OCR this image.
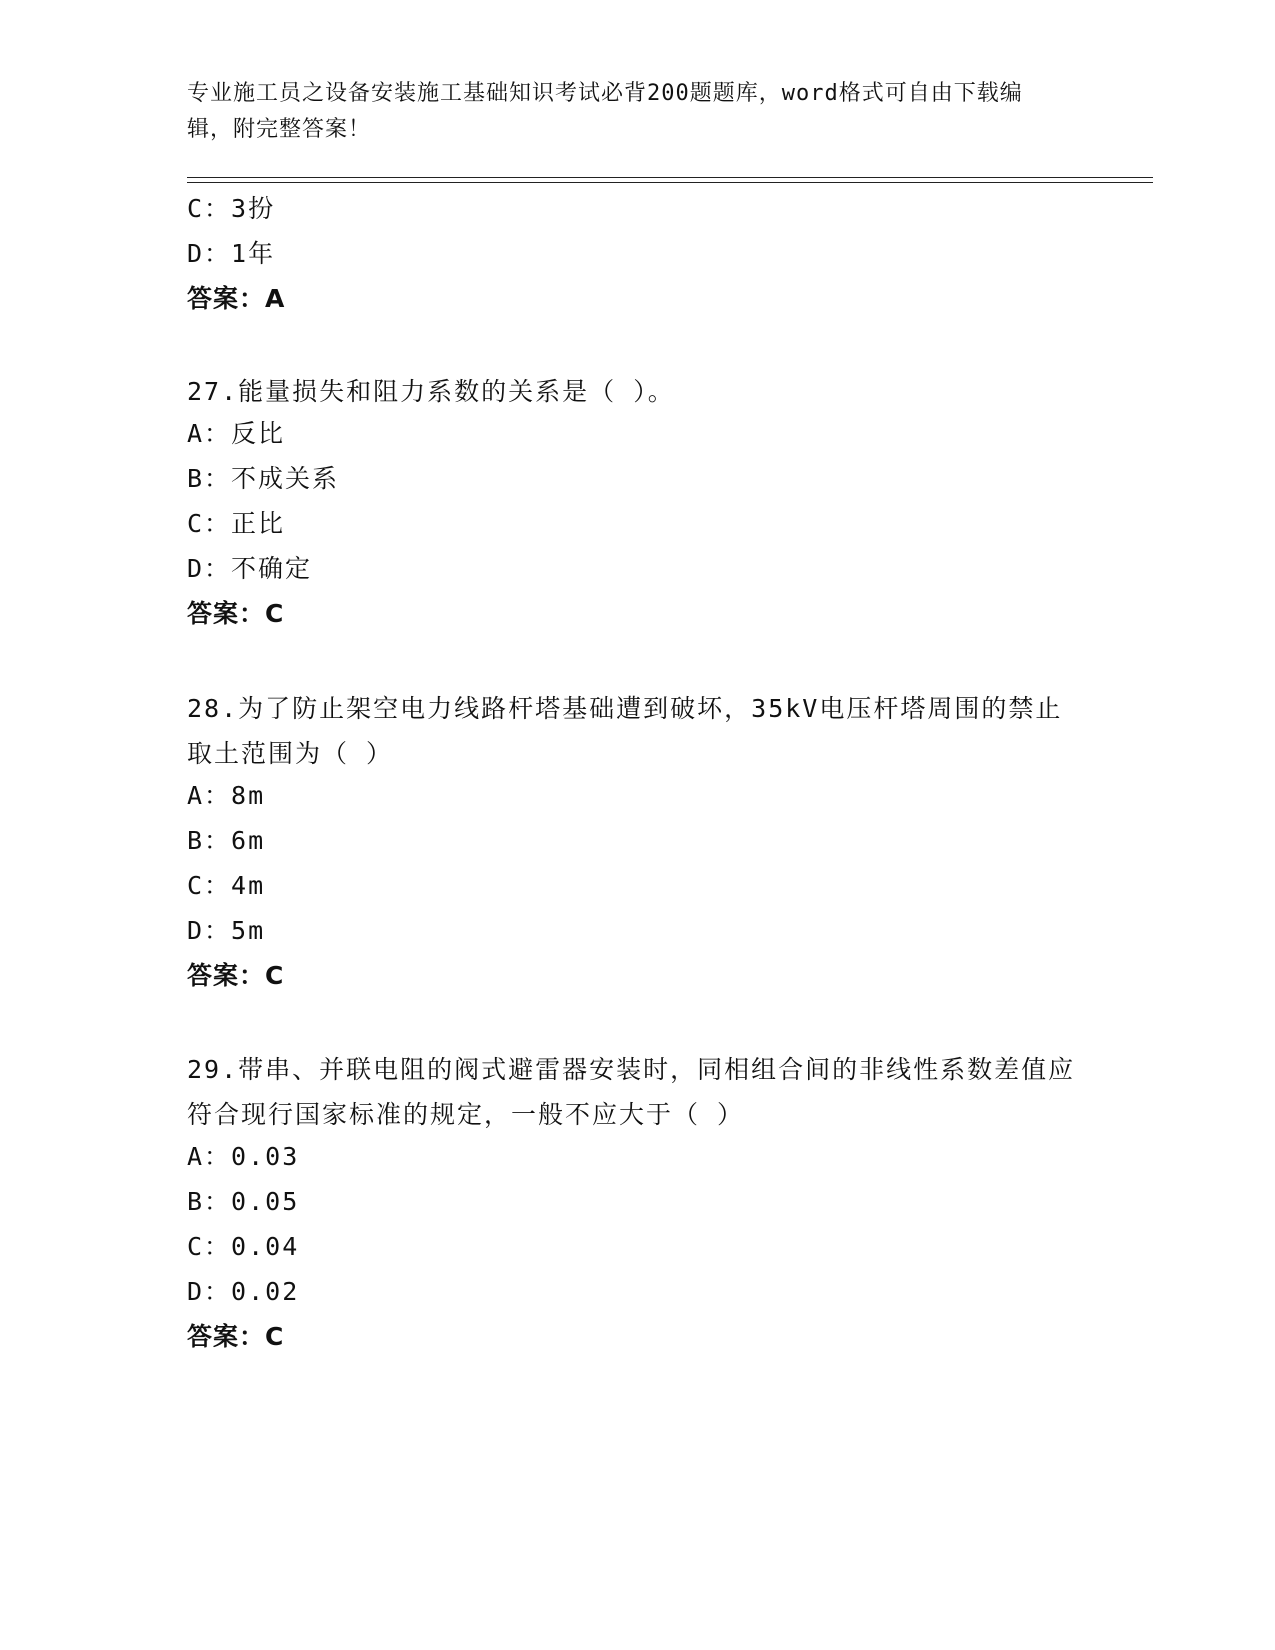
专业施工员之设备安装施工基础知识考试必背200题题库，word格式可自由下载编辑，附完整答案！
C：3扮
D：1年
答案：A
27.能量损失和阻力系数的关系是（ ）。
A：反比
B：不成关系
C：正比
D：不确定
答案：C
28.为了防止架空电力线路杆塔基础遭到破坏，35kV电压杆塔周围的禁止取土范围为（ ）
A：8m
B：6m
C：4m
D：5m
答案：C
29.带串、并联电阻的阀式避雷器安装时，同相组合间的非线性系数差值应符合现行国家标准的规定，一般不应大于（ ）
A：0.03
B：0.05
C：0.04
D：0.02
答案：C
